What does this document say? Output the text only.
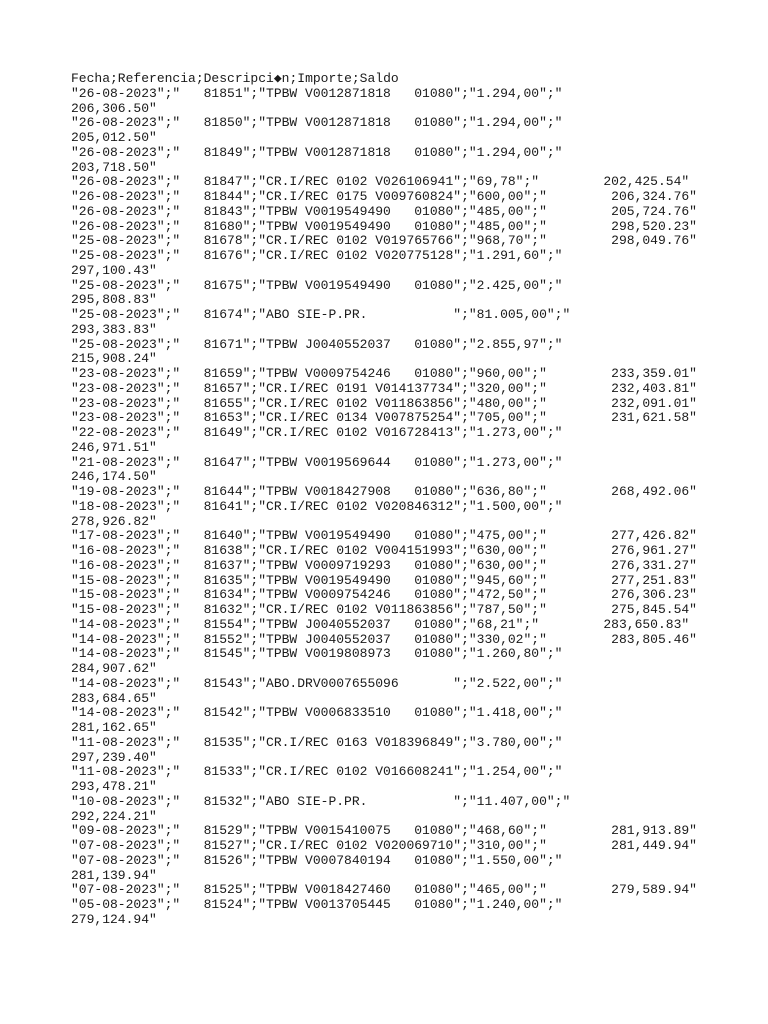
Fecha;Referencia;Descripci◆n;Importe;Saldo
"26-08-2023";"   81851";"TPBW V0012871818   01080";"1.294,00";"
206,306.50"
"26-08-2023";"   81850";"TPBW V0012871818   01080";"1.294,00";"
205,012.50"
"26-08-2023";"   81849";"TPBW V0012871818   01080";"1.294,00";"
203,718.50"
"26-08-2023";"   81847";"CR.I/REC 0102 V026106941";"69,78";"	202,425.54"
"26-08-2023";"   81844";"CR.I/REC 0175 V009760824";"600,00";"	206,324.76"
"26-08-2023";"   81843";"TPBW V0019549490   01080";"485,00";"	205,724.76"
"26-08-2023";"   81680";"TPBW V0019549490   01080";"485,00";"	298,520.23"
"25-08-2023";"   81678";"CR.I/REC 0102 V019765766";"968,70";"	298,049.76"
"25-08-2023";"   81676";"CR.I/REC 0102 V020775128";"1.291,60";"
297,100.43"
"25-08-2023";"   81675";"TPBW V0019549490   01080";"2.425,00";"
295,808.83"
"25-08-2023";"   81674";"ABO SIE-P.PR.           ";"81.005,00";"
293,383.83"
"25-08-2023";"   81671";"TPBW J0040552037   01080";"2.855,97";"
215,908.24"
"23-08-2023";"   81659";"TPBW V0009754246   01080";"960,00";"	233,359.01"
"23-08-2023";"   81657";"CR.I/REC 0191 V014137734";"320,00";"	232,403.81"
"23-08-2023";"   81655";"CR.I/REC 0102 V011863856";"480,00";"	232,091.01"
"23-08-2023";"   81653";"CR.I/REC 0134 V007875254";"705,00";"	231,621.58"
"22-08-2023";"   81649";"CR.I/REC 0102 V016728413";"1.273,00";"
246,971.51"
"21-08-2023";"   81647";"TPBW V0019569644   01080";"1.273,00";"
246,174.50"
"19-08-2023";"   81644";"TPBW V0018427908   01080";"636,80";"	268,492.06"
"18-08-2023";"   81641";"CR.I/REC 0102 V020846312";"1.500,00";"
278,926.82"
"17-08-2023";"   81640";"TPBW V0019549490   01080";"475,00";"	277,426.82"
"16-08-2023";"   81638";"CR.I/REC 0102 V004151993";"630,00";"	276,961.27"
"16-08-2023";"   81637";"TPBW V0009719293   01080";"630,00";"	276,331.27"
"15-08-2023";"   81635";"TPBW V0019549490   01080";"945,60";"	277,251.83"
"15-08-2023";"   81634";"TPBW V0009754246   01080";"472,50";"	276,306.23"
"15-08-2023";"   81632";"CR.I/REC 0102 V011863856";"787,50";"	275,845.54"
"14-08-2023";"   81554";"TPBW J0040552037   01080";"68,21";"	283,650.83"
"14-08-2023";"   81552";"TPBW J0040552037   01080";"330,02";"	283,805.46"
"14-08-2023";"   81545";"TPBW V0019808973   01080";"1.260,80";"
284,907.62"
"14-08-2023";"   81543";"ABO.DRV0007655096       ";"2.522,00";"
283,684.65"
"14-08-2023";"   81542";"TPBW V0006833510   01080";"1.418,00";"
281,162.65"
"11-08-2023";"   81535";"CR.I/REC 0163 V018396849";"3.780,00";"
297,239.40"
"11-08-2023";"   81533";"CR.I/REC 0102 V016608241";"1.254,00";"
293,478.21"
"10-08-2023";"   81532";"ABO SIE-P.PR.           ";"11.407,00";"
292,224.21"
"09-08-2023";"   81529";"TPBW V0015410075   01080";"468,60";"	281,913.89"
"07-08-2023";"   81527";"CR.I/REC 0102 V020069710";"310,00";"	281,449.94"
"07-08-2023";"   81526";"TPBW V0007840194   01080";"1.550,00";"
281,139.94"
"07-08-2023";"   81525";"TPBW V0018427460   01080";"465,00";"	279,589.94"
"05-08-2023";"   81524";"TPBW V0013705445   01080";"1.240,00";"
279,124.94"
